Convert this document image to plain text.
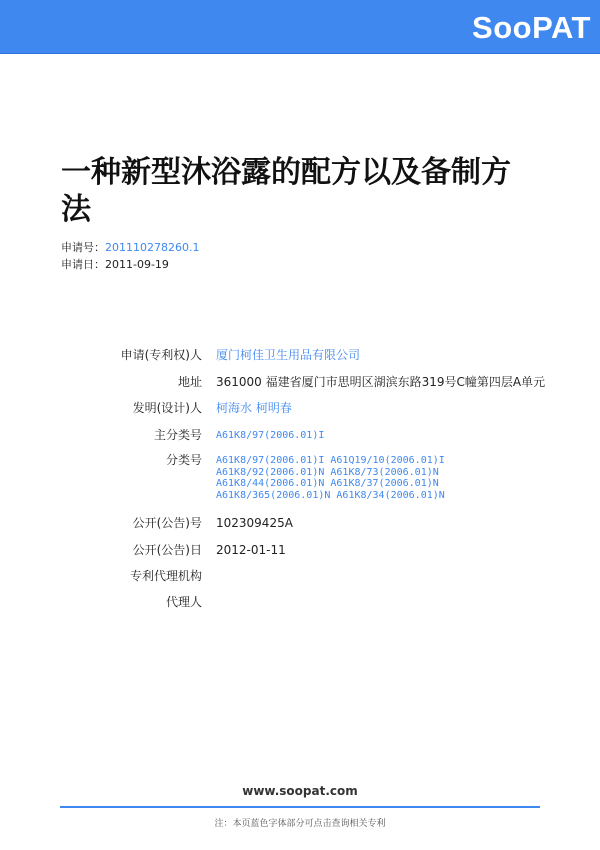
SooPAT
一种新型沐浴露的配方以及备制方法
申请号：201110278260.1
申请日：2011-09-19
申请(专利权)人 厦门柯佳卫生用品有限公司
地址 361000 福建省厦门市思明区湖滨东路319号C幢第四层A单元
发明(设计)人 柯海水 柯明春
主分类号 A61K8/97(2006.01)I
分类号 A61K8/97(2006.01)I A61Q19/10(2006.01)I
A61K8/92(2006.01)N A61K8/73(2006.01)N
A61K8/44(2006.01)N A61K8/37(2006.01)N
A61K8/365(2006.01)N A61K8/34(2006.01)N
公开(公告)号 102309425A
公开(公告)日 2012-01-11
专利代理机构
代理人
www.soopat.com
注：本页蓝色字体部分可点击查询相关专利
